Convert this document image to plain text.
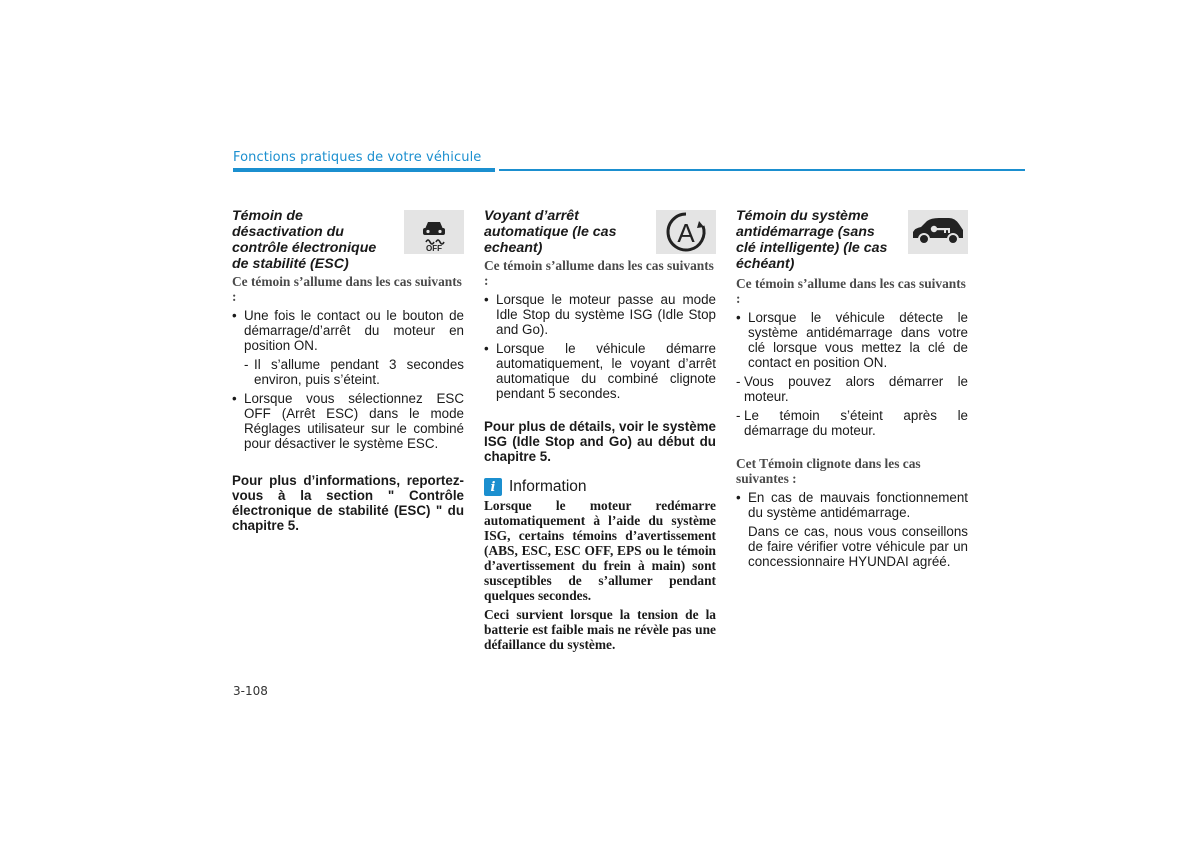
Fonctions pratiques de votre véhicule
Témoin de désactivation du contrôle électronique de stabilité (ESC)
OFF

Ce témoin s’allume dans les cas suivants :

• Une fois le contact ou le bouton de démarrage/d’arrêt du moteur en position ON.
- Il s’allume pendant 3 secondes environ, puis s’éteint.
• Lorsque vous sélectionnez ESC OFF (Arrêt ESC) dans le mode Réglages utilisateur sur le combiné pour désactiver le système ESC.
Pour plus d’informations, reportez-vous à la section " Contrôle électronique de stabilité (ESC) " du chapitre 5.
Voyant d’arrêt automatique (le cas echeant)	A

Ce témoin s’allume dans les cas suivants :

• Lorsque le moteur passe au mode Idle Stop du système ISG (Idle Stop and Go).
• Lorsque le véhicule démarre automatiquement, le voyant d’arrêt automatique du combiné clignote pendant 5 secondes.
Pour plus de détails, voir le système ISG (Idle Stop and Go) au début du chapitre 5.
i Information

Lorsque le moteur redémarre automatiquement à l’aide du système ISG, certains témoins d’avertissement (ABS, ESC, ESC OFF, EPS ou le témoin d’avertissement du frein à main) sont susceptibles de s’allumer pendant quelques secondes.

Ceci survient lorsque la tension de la batterie est faible mais ne révèle pas une défaillance du système.

Témoin du système antidémarrage (sans clé intelligente) (le cas échéant)

Ce témoin s’allume dans les cas suivants :

• Lorsque le véhicule détecte le système antidémarrage dans votre clé lorsque vous mettez la clé de contact en position ON.
- Vous pouvez alors démarrer le moteur.
- Le témoin s’éteint après le démarrage du moteur.

Cet Témoin clignote dans les cas suivantes :

• En cas de mauvais fonctionnement du système antidémarrage.
Dans ce cas, nous vous conseillons de faire vérifier votre véhicule par un concessionnaire HYUNDAI agréé.
3-108
